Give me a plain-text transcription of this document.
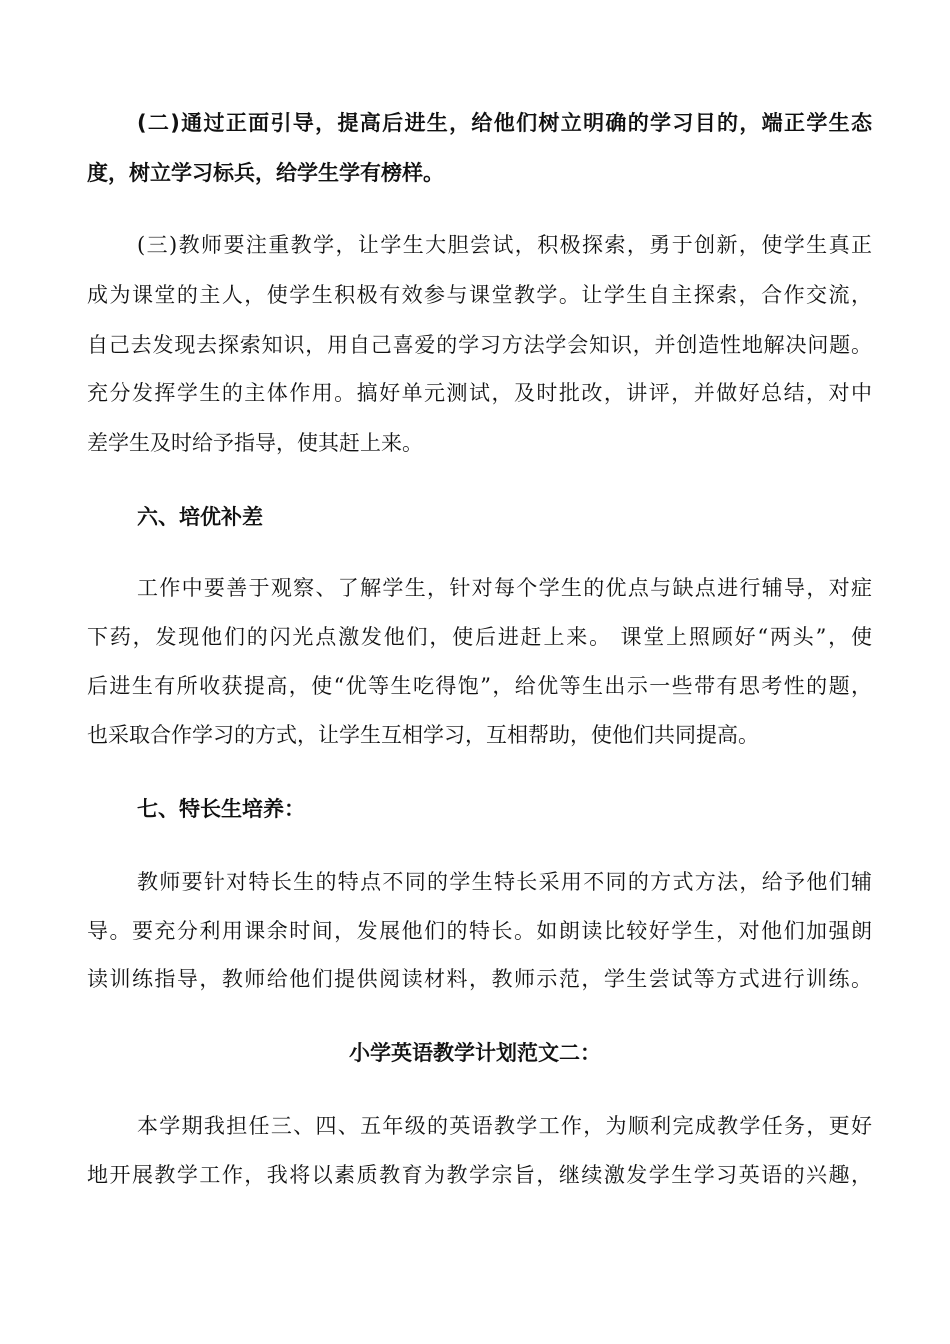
(二)通过正面引导，提高后进生，给他们树立明确的学习目的，端正学生态
度，树立学习标兵，给学生学有榜样。
(三)教师要注重教学，让学生大胆尝试，积极探索，勇于创新，使学生真正
成为课堂的主人，使学生积极有效参与课堂教学。让学生自主探索，合作交流，
自己去发现去探索知识，用自己喜爱的学习方法学会知识，并创造性地解决问题。
充分发挥学生的主体作用。搞好单元测试，及时批改，讲评，并做好总结，对中
差学生及时给予指导，使其赶上来。
六、培优补差
工作中要善于观察、了解学生，针对每个学生的优点与缺点进行辅导，对症
下药，发现他们的闪光点激发他们，使后进赶上来。 课堂上照顾好“两头”，使
后进生有所收获提高，使“优等生吃得饱”，给优等生出示一些带有思考性的题，
也采取合作学习的方式，让学生互相学习，互相帮助，使他们共同提高。
七、特长生培养：
教师要针对特长生的特点不同的学生特长采用不同的方式方法，给予他们辅
导。要充分利用课余时间，发展他们的特长。如朗读比较好学生，对他们加强朗
读训练指导，教师给他们提供阅读材料，教师示范，学生尝试等方式进行训练。
小学英语教学计划范文二：
本学期我担任三、四、五年级的英语教学工作，为顺利完成教学任务，更好
地开展教学工作，我将以素质教育为教学宗旨，继续激发学生学习英语的兴趣，
